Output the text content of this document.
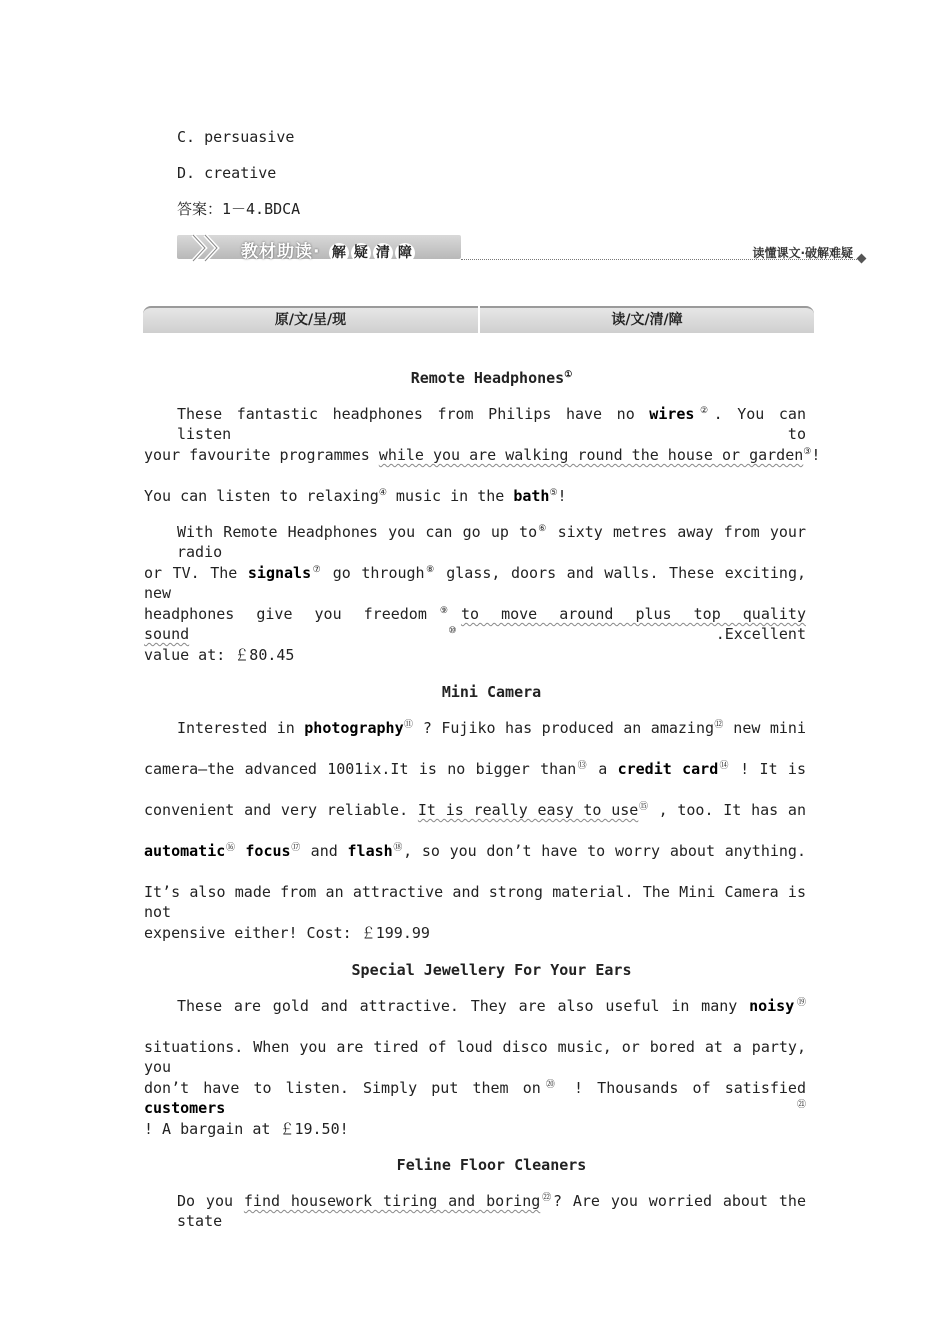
C. persuasive
D. creative
答案：1－4.BDCA
教材助读· 解 疑 清 障	读懂课文·破解难疑
原/文/呈/现	读/文/清/障
Remote Headphones①
These fantastic headphones from Philips have no wires②. You can listen to
your favourite programmes while you are walking round the house or garden③!
You can listen to relaxing④ music in the bath⑤!
With Remote Headphones you can go up to⑥ sixty metres away from your radio
or TV. The signals⑦ go through⑧ glass, doors and walls. These exciting, new
headphones give you freedom⑨to move around plus top quality sound⑩.Excellent
value at: ￡80.45
Mini Camera
Interested in photography⑪ ? Fujiko has produced an amazing⑫ new mini
camera—the advanced 1001ix.It is no bigger than⑬ a credit card⑭ ! It is
convenient and very reliable. It is really easy to use⑮ , too. It has an
automatic⑯ focus⑰ and flash⑱, so you don’t have to worry about anything.
It’s also made from an attractive and strong material. The Mini Camera is not
expensive either! Cost: ￡199.99
Special Jewellery For Your Ears
These are gold and attractive. They are also useful in many noisy⑲
situations. When you are tired of loud disco music, or bored at a party, you
don’t have to listen. Simply put them on⑳ ! Thousands of satisfied customers$^㉑$
! A bargain at ￡19.50!
Feline Floor Cleaners
Do you find housework tiring and boring$^㉒$? Are you worried about the state
